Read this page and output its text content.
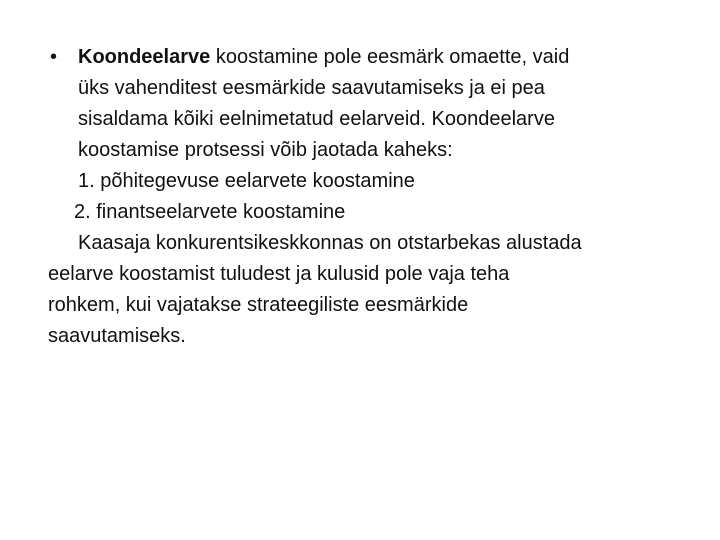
• Koondeelarve koostamine pole eesmärk omaette, vaid
üks vahenditest eesmärkide saavutamiseks ja ei pea
sisaldama kõiki eelnimetatud eelarveid. Koondeelarve
koostamise protsessi võib jaotada kaheks:
1. põhitegevuse eelarvete koostamine
2. finantseelarvete koostamine
Kaasaja konkurentsikeskkonnas on otstarbekas alustada
eelarve koostamist tuludest ja kulusid pole vaja teha
rohkem, kui vajatakse strateegiliste eesmärkide
saavutamiseks.
